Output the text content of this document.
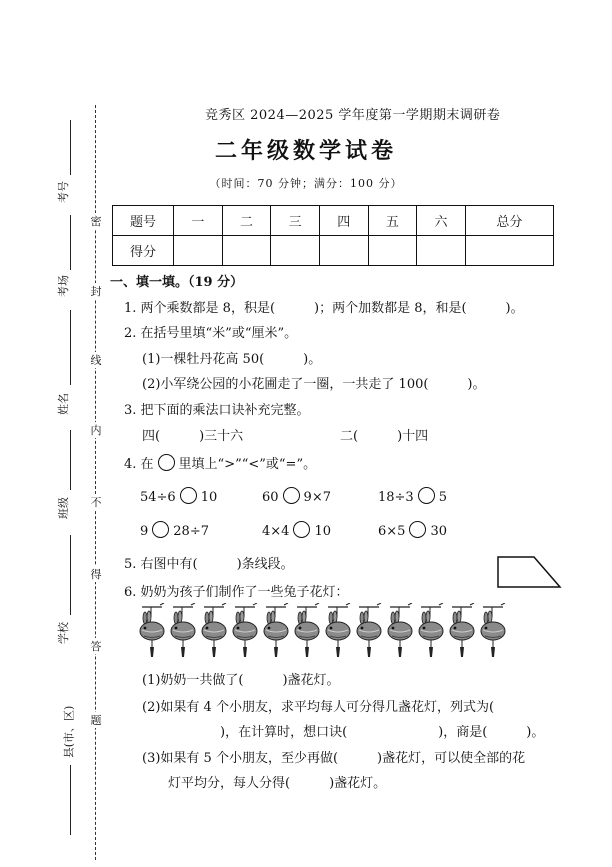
密
封
线
内
不
得
答
题
考号
考场
姓名
班级
学校
县(市、区)
竞秀区 2024—2025 学年度第一学期期末调研卷
二年级数学试卷
（时间：70 分钟；满分：100 分）
题号	一	二	三	四	五	六	总分
得分							
一、填一填。（19 分）
1. 两个乘数都是 8，积是(　　　)；两个加数都是 8，和是(　　　)。
2. 在括号里填“米”或“厘米”。
(1)一棵牡丹花高 50(　　　)。
(2)小军绕公园的小花圃走了一圈，一共走了 100(　　　)。
3. 把下面的乘法口诀补充完整。
四(　　　)三十六	二(　　　)十四
4. 在 里填上“>”“<”或“=”。
54÷6 10	60 9×7	18÷3 5
9 28÷7	4×4 10	6×5 30
5. 右图中有(　　　)条线段。
6. 奶奶为孩子们制作了一些兔子花灯：
(1)奶奶一共做了(　　　)盏花灯。
(2)如果有 4 个小朋友，求平均每人可分得几盏花灯，列式为(　　　
　　　　)，在计算时，想口诀(　　　　　　　)，商是(　　　)。
(3)如果有 5 个小朋友，至少再做(　　　)盏花灯，可以使全部的花
灯平均分，每人分得(　　　)盏花灯。
